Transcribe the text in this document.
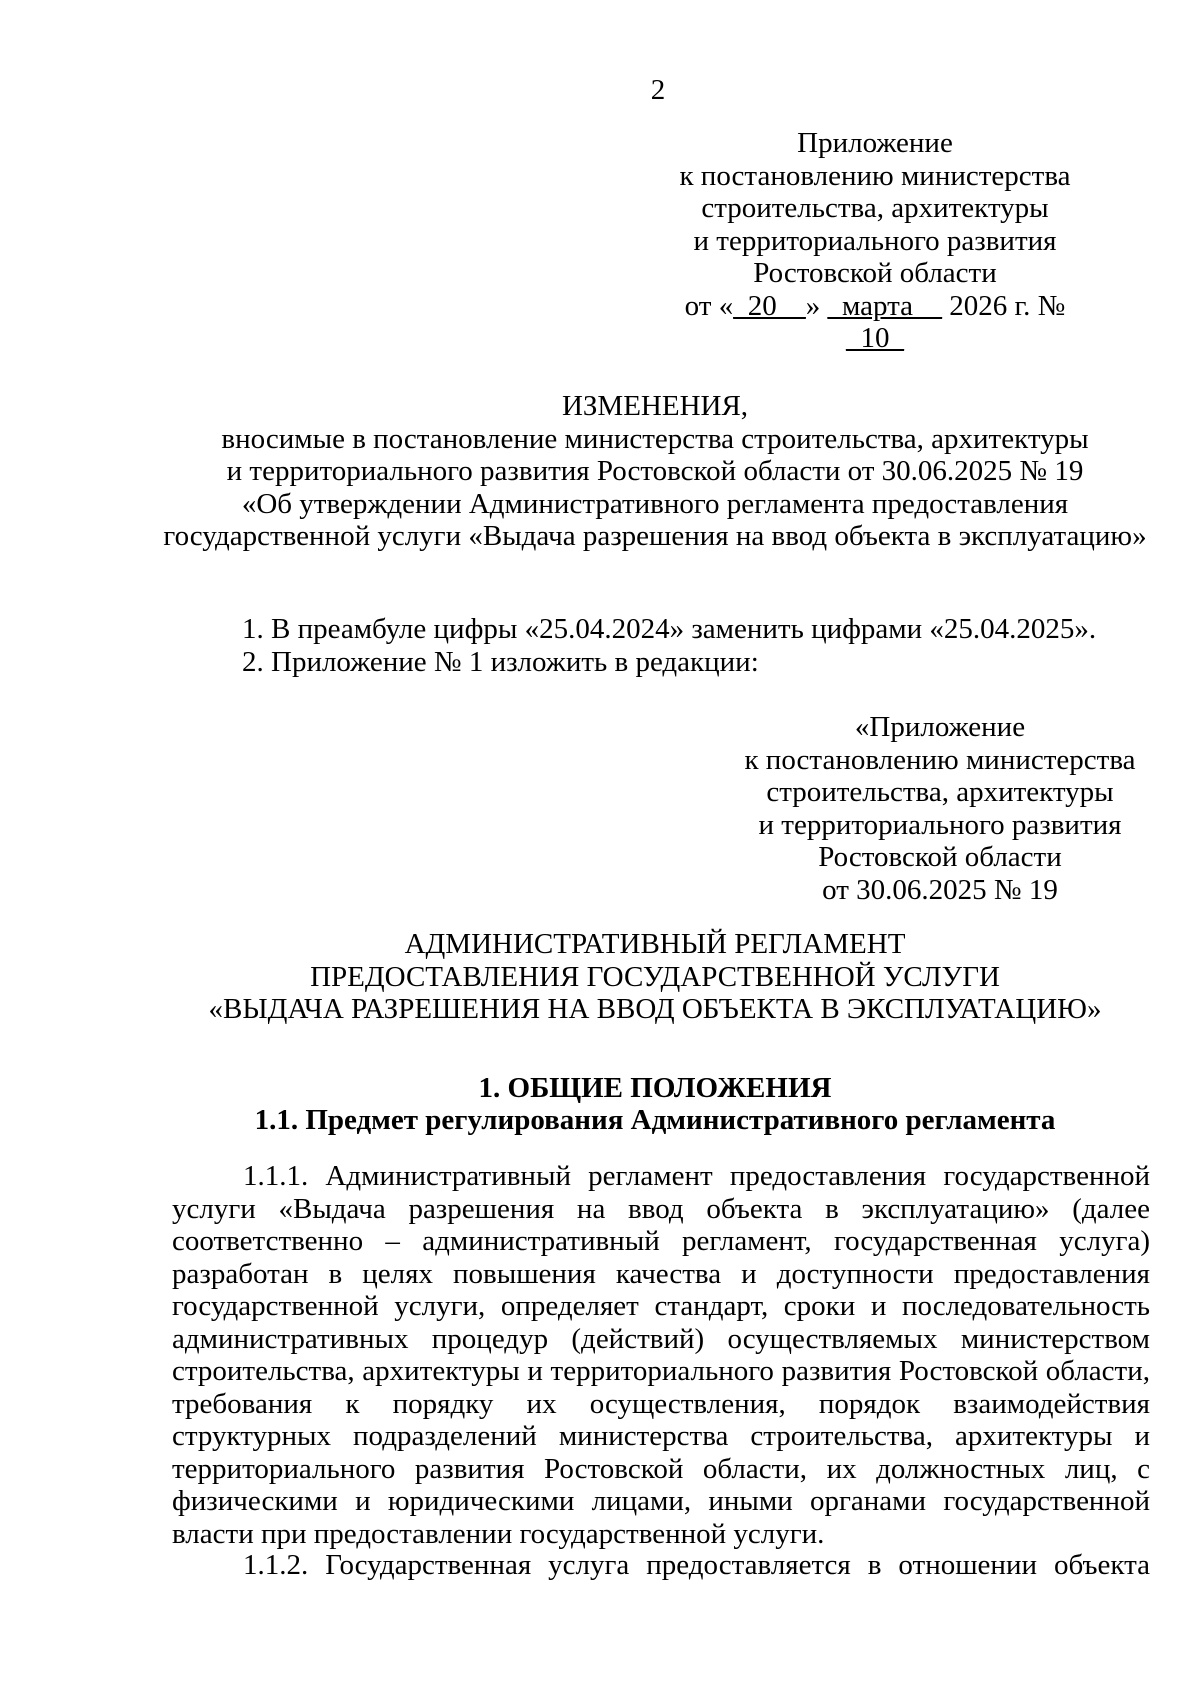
2
Приложение
к постановлению министерства
строительства, архитектуры
и территориального развития
Ростовской области
от «_20__» _марта__ 2026 г. № _10_
ИЗМЕНЕНИЯ,
вносимые в постановление министерства строительства, архитектуры
и территориального развития Ростовской области от 30.06.2025 № 19
«Об утверждении Административного регламента предоставления
государственной услуги «Выдача разрешения на ввод объекта в эксплуатацию»
1. В преамбуле цифры «25.04.2024» заменить цифрами «25.04.2025».
2. Приложение № 1 изложить в редакции:
«Приложение
к постановлению министерства
строительства, архитектуры
и территориального развития
Ростовской области
от 30.06.2025 № 19
АДМИНИСТРАТИВНЫЙ РЕГЛАМЕНТ
ПРЕДОСТАВЛЕНИЯ ГОСУДАРСТВЕННОЙ УСЛУГИ
«ВЫДАЧА РАЗРЕШЕНИЯ НА ВВОД ОБЪЕКТА В ЭКСПЛУАТАЦИЮ»
1. ОБЩИЕ ПОЛОЖЕНИЯ
1.1. Предмет регулирования Административного регламента
1.1.1. Административный регламент предоставления государственной услуги «Выдача разрешения на ввод объекта в эксплуатацию» (далее соответственно – административный регламент, государственная услуга) разработан в целях повышения качества и доступности предоставления государственной услуги, определяет стандарт, сроки и последовательность административных процедур (действий) осуществляемых министерством строительства, архитектуры и территориального развития Ростовской области, требования к порядку их осуществления, порядок взаимодействия структурных подразделений министерства строительства, архитектуры и территориального развития Ростовской области, их должностных лиц, с физическими и юридическими лицами, иными органами государственной власти при предоставлении государственной услуги.
1.1.2. Государственная услуга предоставляется в отношении объекта
